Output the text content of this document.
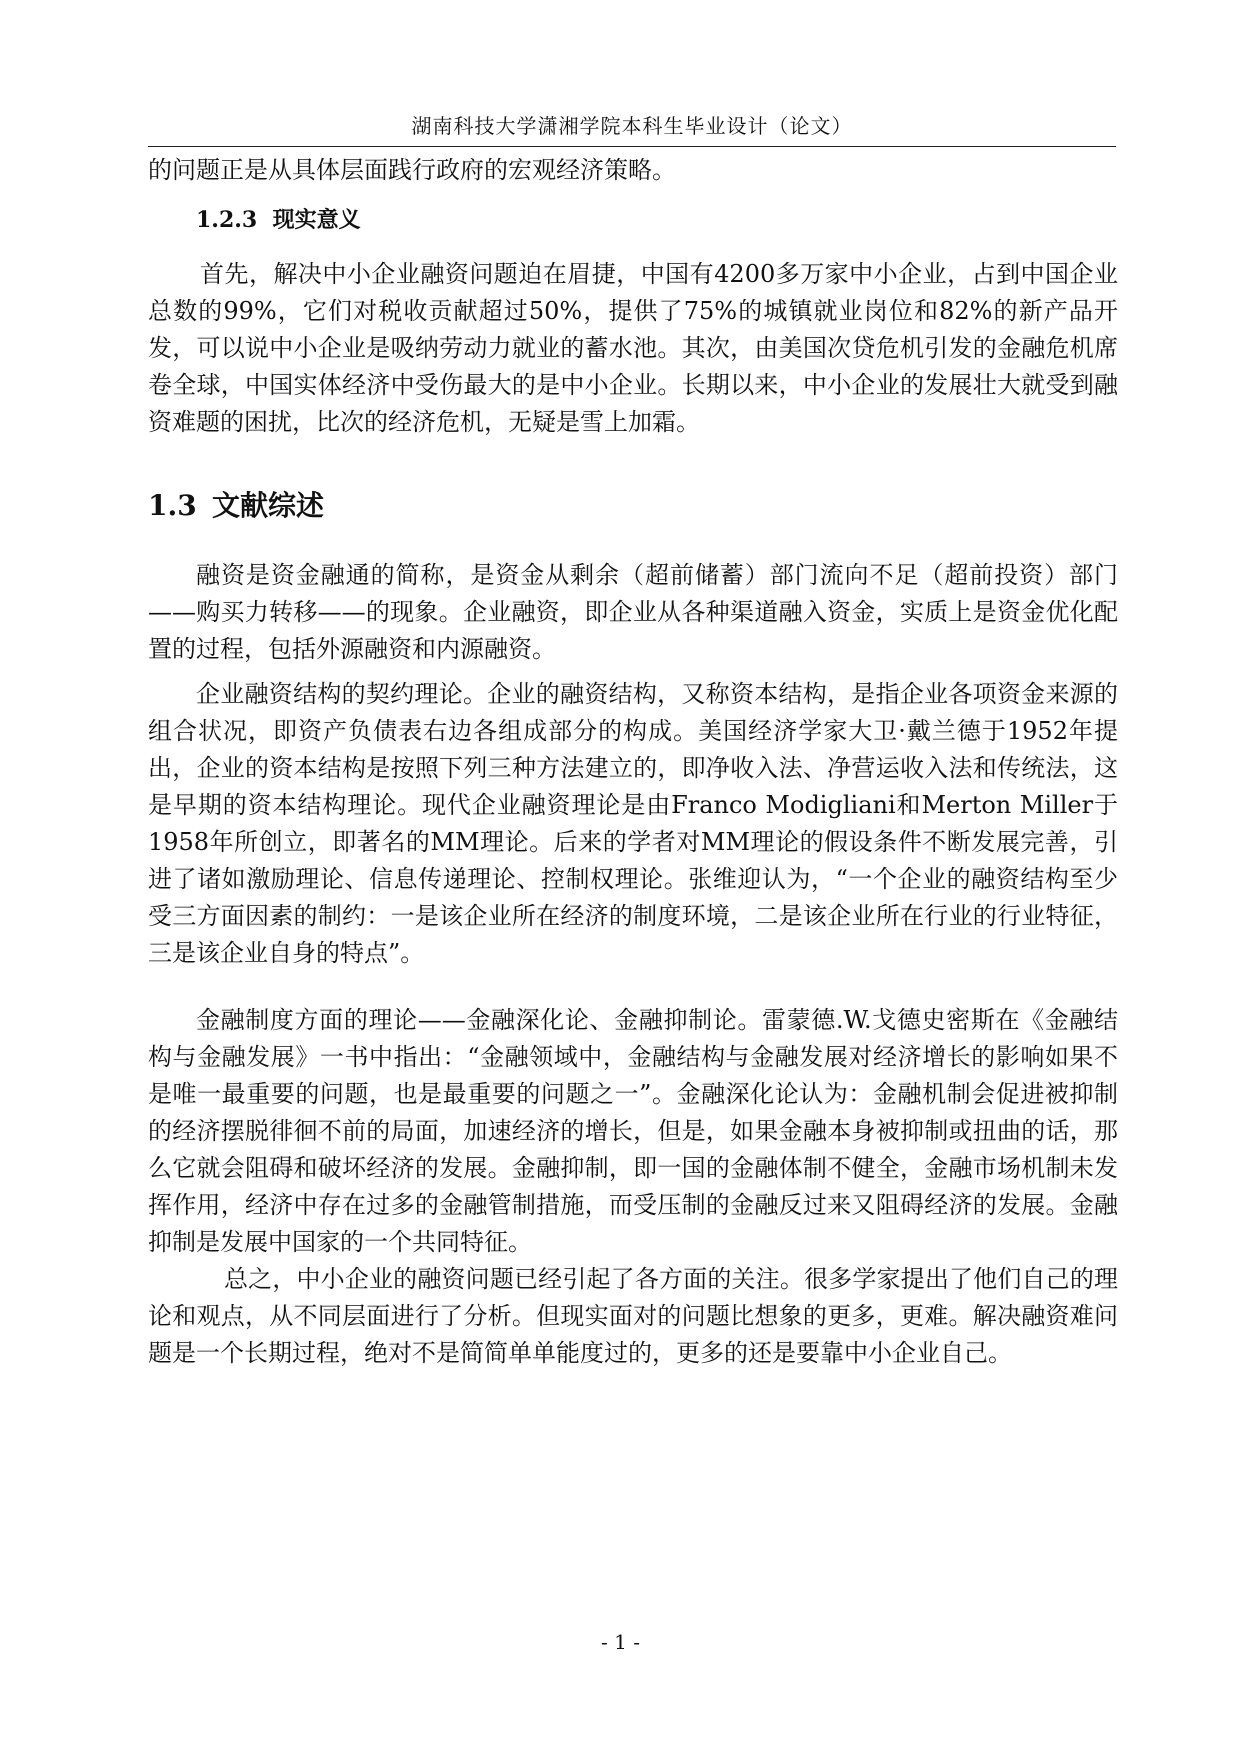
湖南科技大学潇湘学院本科生毕业设计（论文）

的问题正是从具体层面践行政府的宏观经济策略。

1.2.3 现实意义

首先，解决中小企业融资问题迫在眉捷，中国有4200多万家中小企业，占到中国企业总数的99%，它们对税收贡献超过50%，提供了75%的城镇就业岗位和82%的新产品开发，可以说中小企业是吸纳劳动力就业的蓄水池。其次，由美国次贷危机引发的金融危机席卷全球，中国实体经济中受伤最大的是中小企业。长期以来，中小企业的发展壮大就受到融资难题的困扰，比次的经济危机，无疑是雪上加霜。

1.3 文献综述

融资是资金融通的简称，是资金从剩余（超前储蓄）部门流向不足（超前投资）部门——购买力转移——的现象。企业融资，即企业从各种渠道融入资金，实质上是资金优化配置的过程，包括外源融资和内源融资。

企业融资结构的契约理论。企业的融资结构，又称资本结构，是指企业各项资金来源的组合状况，即资产负债表右边各组成部分的构成。美国经济学家大卫·戴兰德于1952年提出，企业的资本结构是按照下列三种方法建立的，即净收入法、净营运收入法和传统法，这是早期的资本结构理论。现代企业融资理论是由Franco Modigliani和Merton Miller于1958年所创立，即著名的MM理论。后来的学者对MM理论的假设条件不断发展完善，引进了诸如激励理论、信息传递理论、控制权理论。张维迎认为，“一个企业的融资结构至少受三方面因素的制约：一是该企业所在经济的制度环境，二是该企业所在行业的行业特征，三是该企业自身的特点”。

金融制度方面的理论——金融深化论、金融抑制论。雷蒙德.W.戈德史密斯在《金融结构与金融发展》一书中指出：“金融领域中，金融结构与金融发展对经济增长的影响如果不是唯一最重要的问题，也是最重要的问题之一”。金融深化论认为：金融机制会促进被抑制的经济摆脱徘徊不前的局面，加速经济的增长，但是，如果金融本身被抑制或扭曲的话，那么它就会阻碍和破坏经济的发展。金融抑制，即一国的金融体制不健全，金融市场机制未发挥作用，经济中存在过多的金融管制措施，而受压制的金融反过来又阻碍经济的发展。金融抑制是发展中国家的一个共同特征。

总之，中小企业的融资问题已经引起了各方面的关注。很多学家提出了他们自己的理论和观点，从不同层面进行了分析。但现实面对的问题比想象的更多，更难。解决融资难问题是一个长期过程，绝对不是简简单单能度过的，更多的还是要靠中小企业自己。

- 1 -
